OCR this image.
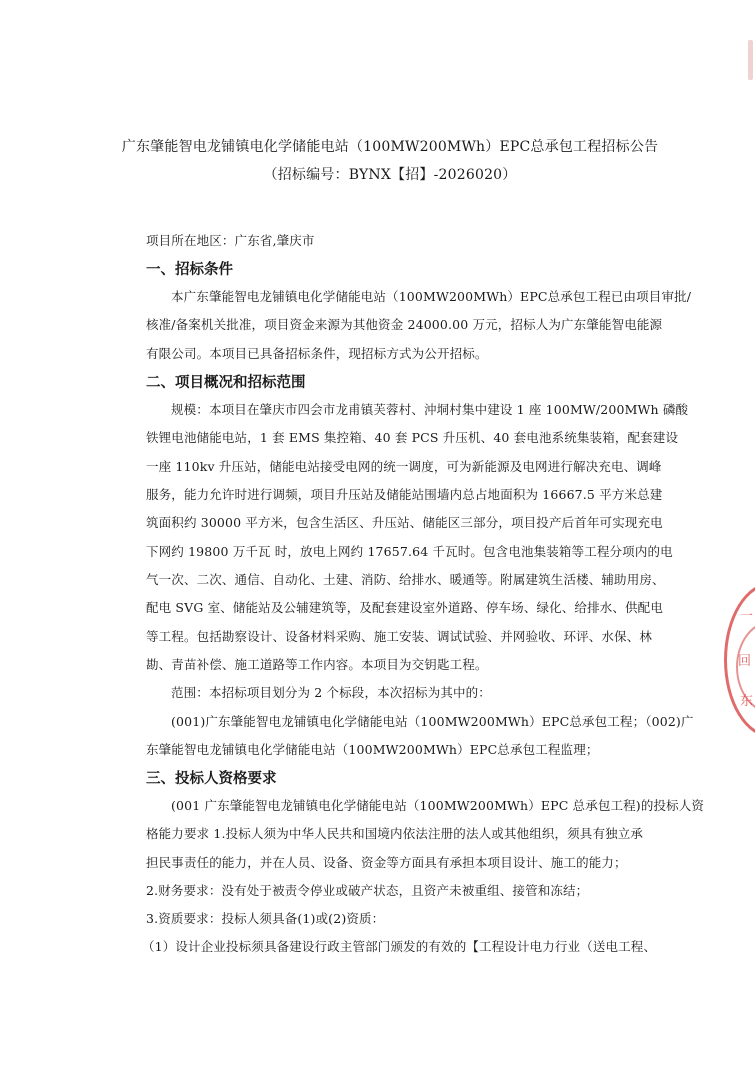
广东肇能智电龙铺镇电化学储能电站（100MW200MWh）EPC总承包工程招标公告
（招标编号：BYNX【招】-2026020）
项目所在地区：广东省,肇庆市
一、招标条件
本广东肇能智电龙铺镇电化学储能电站（100MW200MWh）EPC总承包工程已由项目审批/
核准/备案机关批准，项目资金来源为其他资金 24000.00 万元，招标人为广东肇能智电能源
有限公司。本项目已具备招标条件，现招标方式为公开招标。
二、项目概况和招标范围
规模：本项目在肇庆市四会市龙甫镇芙蓉村、沖垌村集中建设 1 座 100MW/200MWh 磷酸
铁锂电池储能电站，1 套 EMS 集控箱、40 套 PCS 升压机、40 套电池系统集装箱，配套建设
一座 110kv 升压站，储能电站接受电网的统一调度，可为新能源及电网进行解决充电、调峰
服务，能力允许时进行调频，项目升压站及储能站围墙内总占地面积为 16667.5 平方米总建
筑面积约 30000 平方米，包含生活区、升压站、储能区三部分，项目投产后首年可实现充电
下网约 19800 万千瓦 时，放电上网约 17657.64 千瓦时。包含电池集装箱等工程分项内的电
气一次、二次、通信、自动化、土建、消防、给排水、暖通等。附属建筑生活楼、辅助用房、
配电 SVG 室、储能站及公辅建筑等，及配套建设室外道路、停车场、绿化、给排水、供配电
等工程。包括勘察设计、设备材料采购、施工安装、调试试验、并网验收、环评、水保、林
勘、青苗补偿、施工道路等工作内容。本项目为交钥匙工程。
范围：本招标项目划分为 2 个标段，本次招标为其中的：
(001)广东肇能智电龙铺镇电化学储能电站（100MW200MWh）EPC总承包工程；（002)广
东肇能智电龙铺镇电化学储能电站（100MW200MWh）EPC总承包工程监理；
三、投标人资格要求
(001 广东肇能智电龙铺镇电化学储能电站（100MW200MWh）EPC 总承包工程)的投标人资
格能力要求 1.投标人须为中华人民共和国境内依法注册的法人或其他组织，须具有独立承
担民事责任的能力，并在人员、设备、资金等方面具有承担本项目设计、施工的能力；
2.财务要求：没有处于被责令停业或破产状态，且资产未被重组、接管和冻结；
3.资质要求：投标人须具备(1)或(2)资质：
（1）设计企业投标须具备建设行政主管部门颁发的有效的【工程设计电力行业（送电工程、
一
回
东
